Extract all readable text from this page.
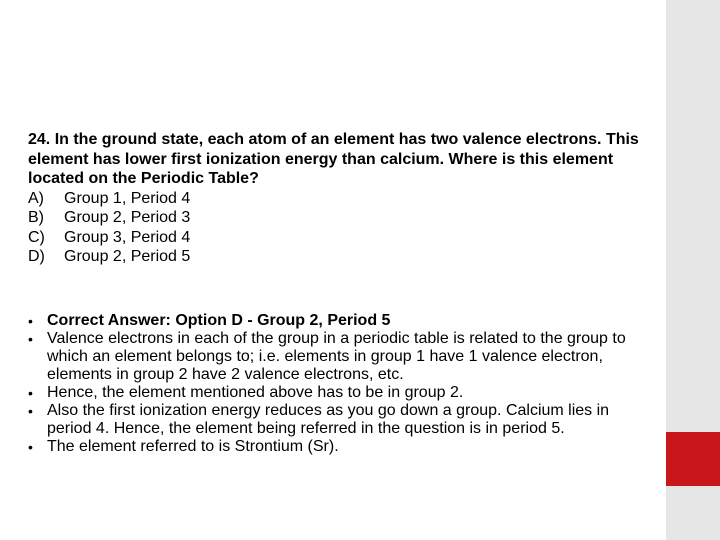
24. In the ground state, each atom of an element has two valence electrons. This element has lower first ionization energy than calcium. Where is this element located on the Periodic Table?
A)	Group 1, Period 4
B)	Group 2, Period 3
C)	Group 3, Period 4
D)	Group 2, Period 5
• Correct Answer: Option D - Group 2, Period 5
• Valence electrons in each of the group in a periodic table is related to the group to which an element belongs to; i.e. elements in group 1 have 1 valence electron, elements in group 2 have 2 valence electrons, etc.
• Hence, the element mentioned above has to be in group 2.
• Also the first ionization energy reduces as you go down a group. Calcium lies in period 4. Hence, the element being referred in the question is in period 5.
• The element referred to is Strontium (Sr).
